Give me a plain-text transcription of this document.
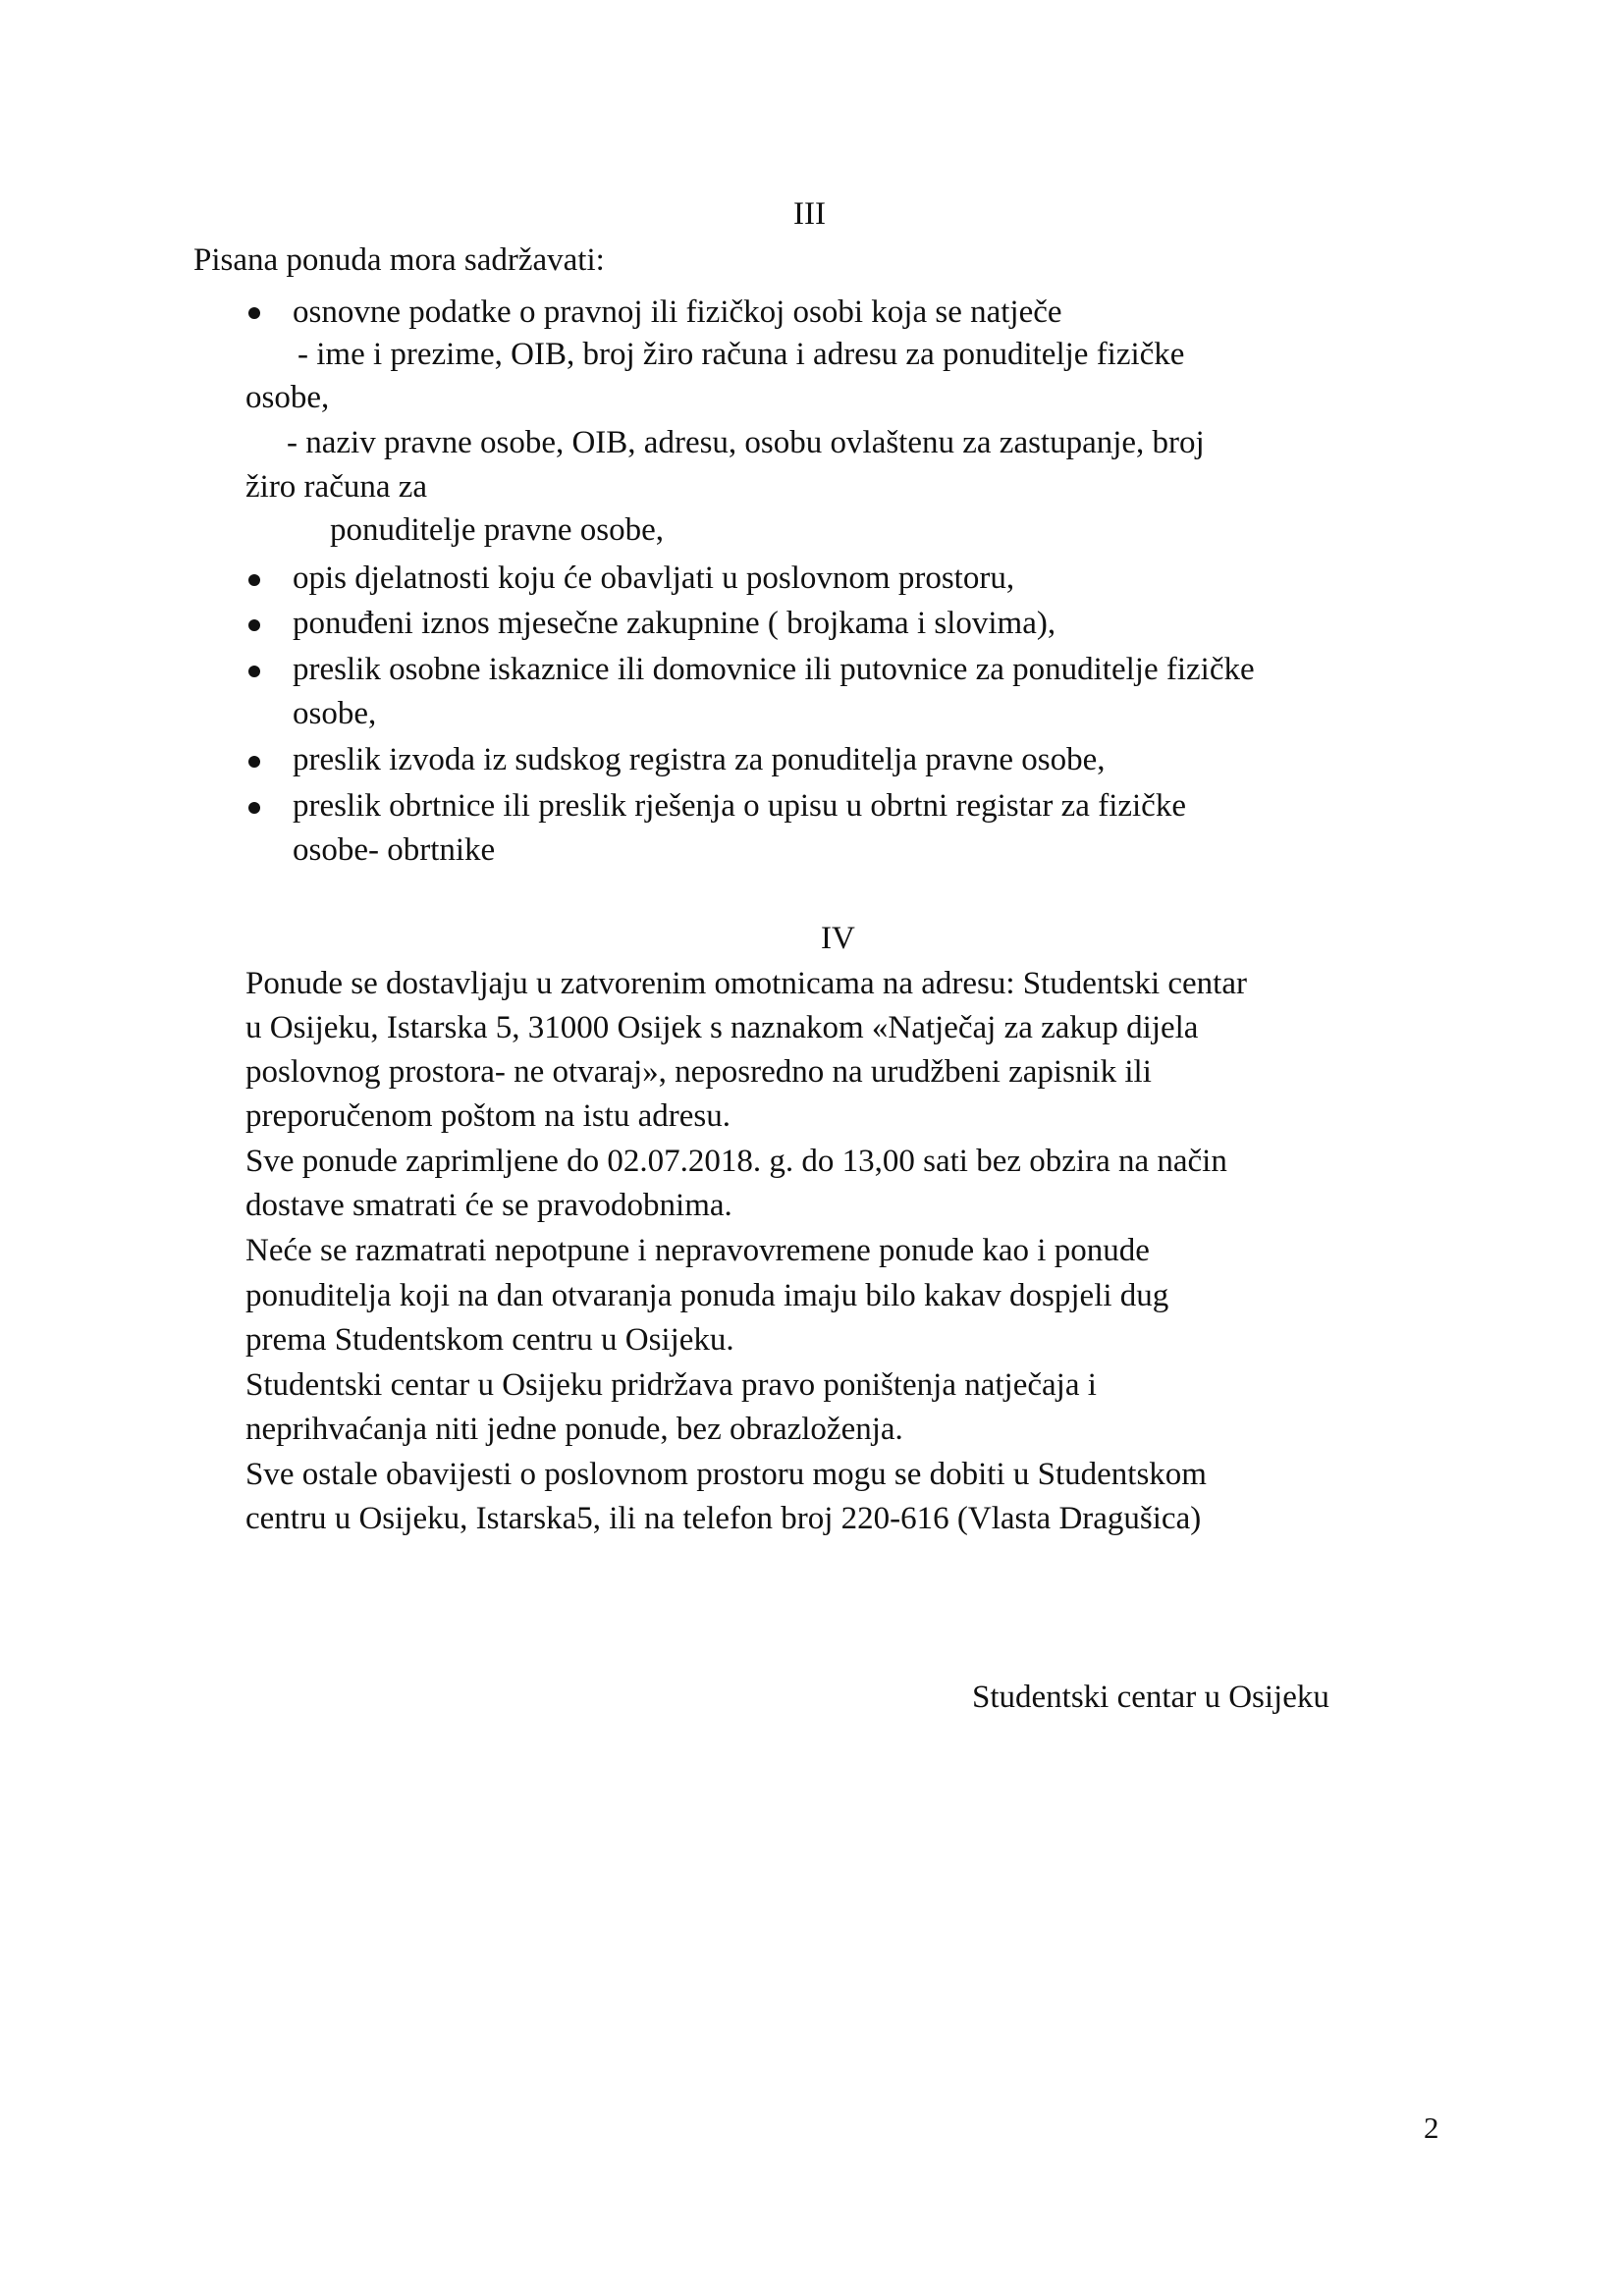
III
Pisana ponuda mora sadržavati:
osnovne podatke o pravnoj ili fizičkoj osobi koja se natječe
- ime i prezime, OIB, broj žiro računa i adresu za ponuditelje fizičke
osobe,
- naziv pravne osobe, OIB, adresu, osobu ovlaštenu za zastupanje, broj
žiro računa za
ponuditelje pravne osobe,
opis djelatnosti koju će obavljati u poslovnom prostoru,
ponuđeni iznos mjesečne zakupnine ( brojkama i slovima),
preslik osobne iskaznice ili domovnice ili putovnice za ponuditelje fizičke
osobe,
preslik izvoda iz sudskog registra za ponuditelja pravne osobe,
preslik obrtnice ili preslik rješenja o upisu u obrtni registar za fizičke
osobe- obrtnike
IV
Ponude se dostavljaju u zatvorenim omotnicama na adresu: Studentski centar
u Osijeku, Istarska 5, 31000 Osijek s naznakom «Natječaj za zakup dijela
poslovnog prostora- ne otvaraj», neposredno na urudžbeni zapisnik ili
preporučenom poštom na istu adresu.
Sve ponude zaprimljene do 02.07.2018. g. do 13,00 sati bez obzira na način
dostave smatrati će se pravodobnima.
Neće se razmatrati nepotpune i nepravovremene ponude kao i ponude
ponuditelja koji na dan otvaranja ponuda imaju bilo kakav dospjeli dug
prema Studentskom centru u Osijeku.
Studentski centar u Osijeku pridržava pravo poništenja natječaja i
neprihvaćanja niti jedne ponude, bez obrazloženja.
Sve ostale obavijesti o poslovnom prostoru mogu se dobiti u Studentskom
centru u Osijeku, Istarska5, ili na telefon broj 220-616 (Vlasta Dragušica)
Studentski centar u Osijeku
2
